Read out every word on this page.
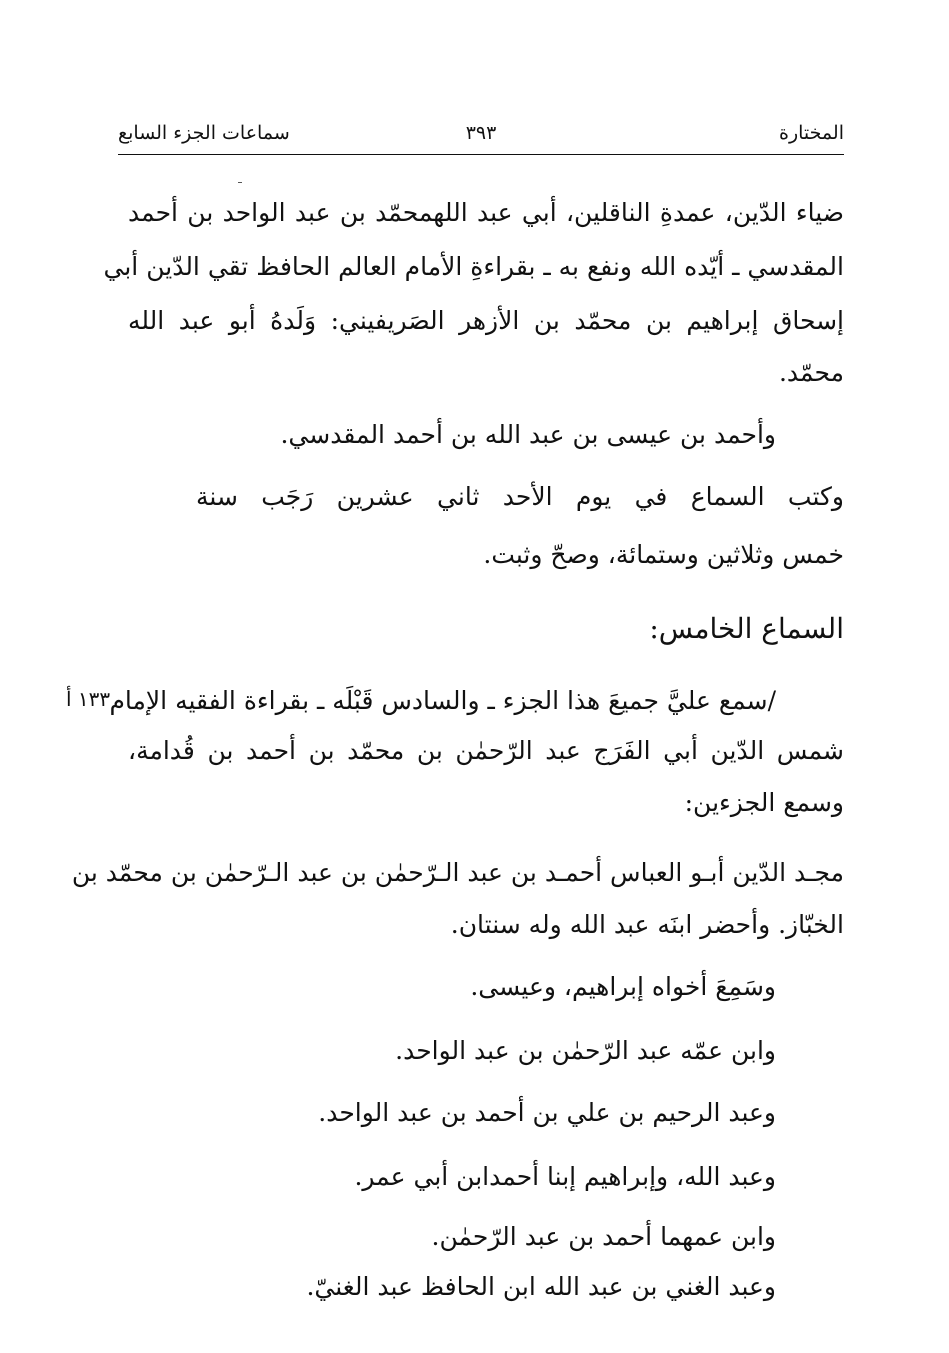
المختارة
٣٩٣
سماعات الجزء السابع
ضياء الدّين، عمدةِ الناقلين، أبي عبد اللهمحمّد بن عبد الواحد بن أحمد
المقدسي ـ أيّده الله ونفع به ـ بقراءةِ الأمام العالم الحافظ تقي الدّين أبي
إسحاق إبراهيم بن محمّد بن الأزهر الصَريفيني: وَلَدهُ أبو عبد الله
محمّد.
وأحمد بن عيسى بن عبد الله بن أحمد المقدسي.
وكتب السماع في يوم الأحد ثاني عشرين رَجَب سنة
خمس وثلاثين وستمائة، وصحّ وثبت.
السماع الخامس:
١٣٣ أ /سمع عليَّ جميعَ هذا الجزء ـ والسادس قَبْلَه ـ بقراءة الفقيه الإمام
شمس الدّين أبي الفَرَج عبد الرّحمٰن بن محمّد بن أحمد بن قُدامة،
وسمع الجزءين:
مجـد الدّين أبـو العباس أحمـد بن عبد الـرّحمٰن بن عبد الـرّحمٰن بن محمّد بن
الخبّاز. وأحضر ابنَه عبد الله وله سنتان.
وسَمِعَ أخواه إبراهيم، وعيسى.
وابن عمّه عبد الرّحمٰن بن عبد الواحد.
وعبد الرحيم بن علي بن أحمد بن عبد الواحد.
وعبد الله، وإبراهيم إبنا أحمدابن أبي عمر.
وابن عمهما أحمد بن عبد الرّحمٰن.
وعبد الغني بن عبد الله ابن الحافظ عبد الغنيّ.
